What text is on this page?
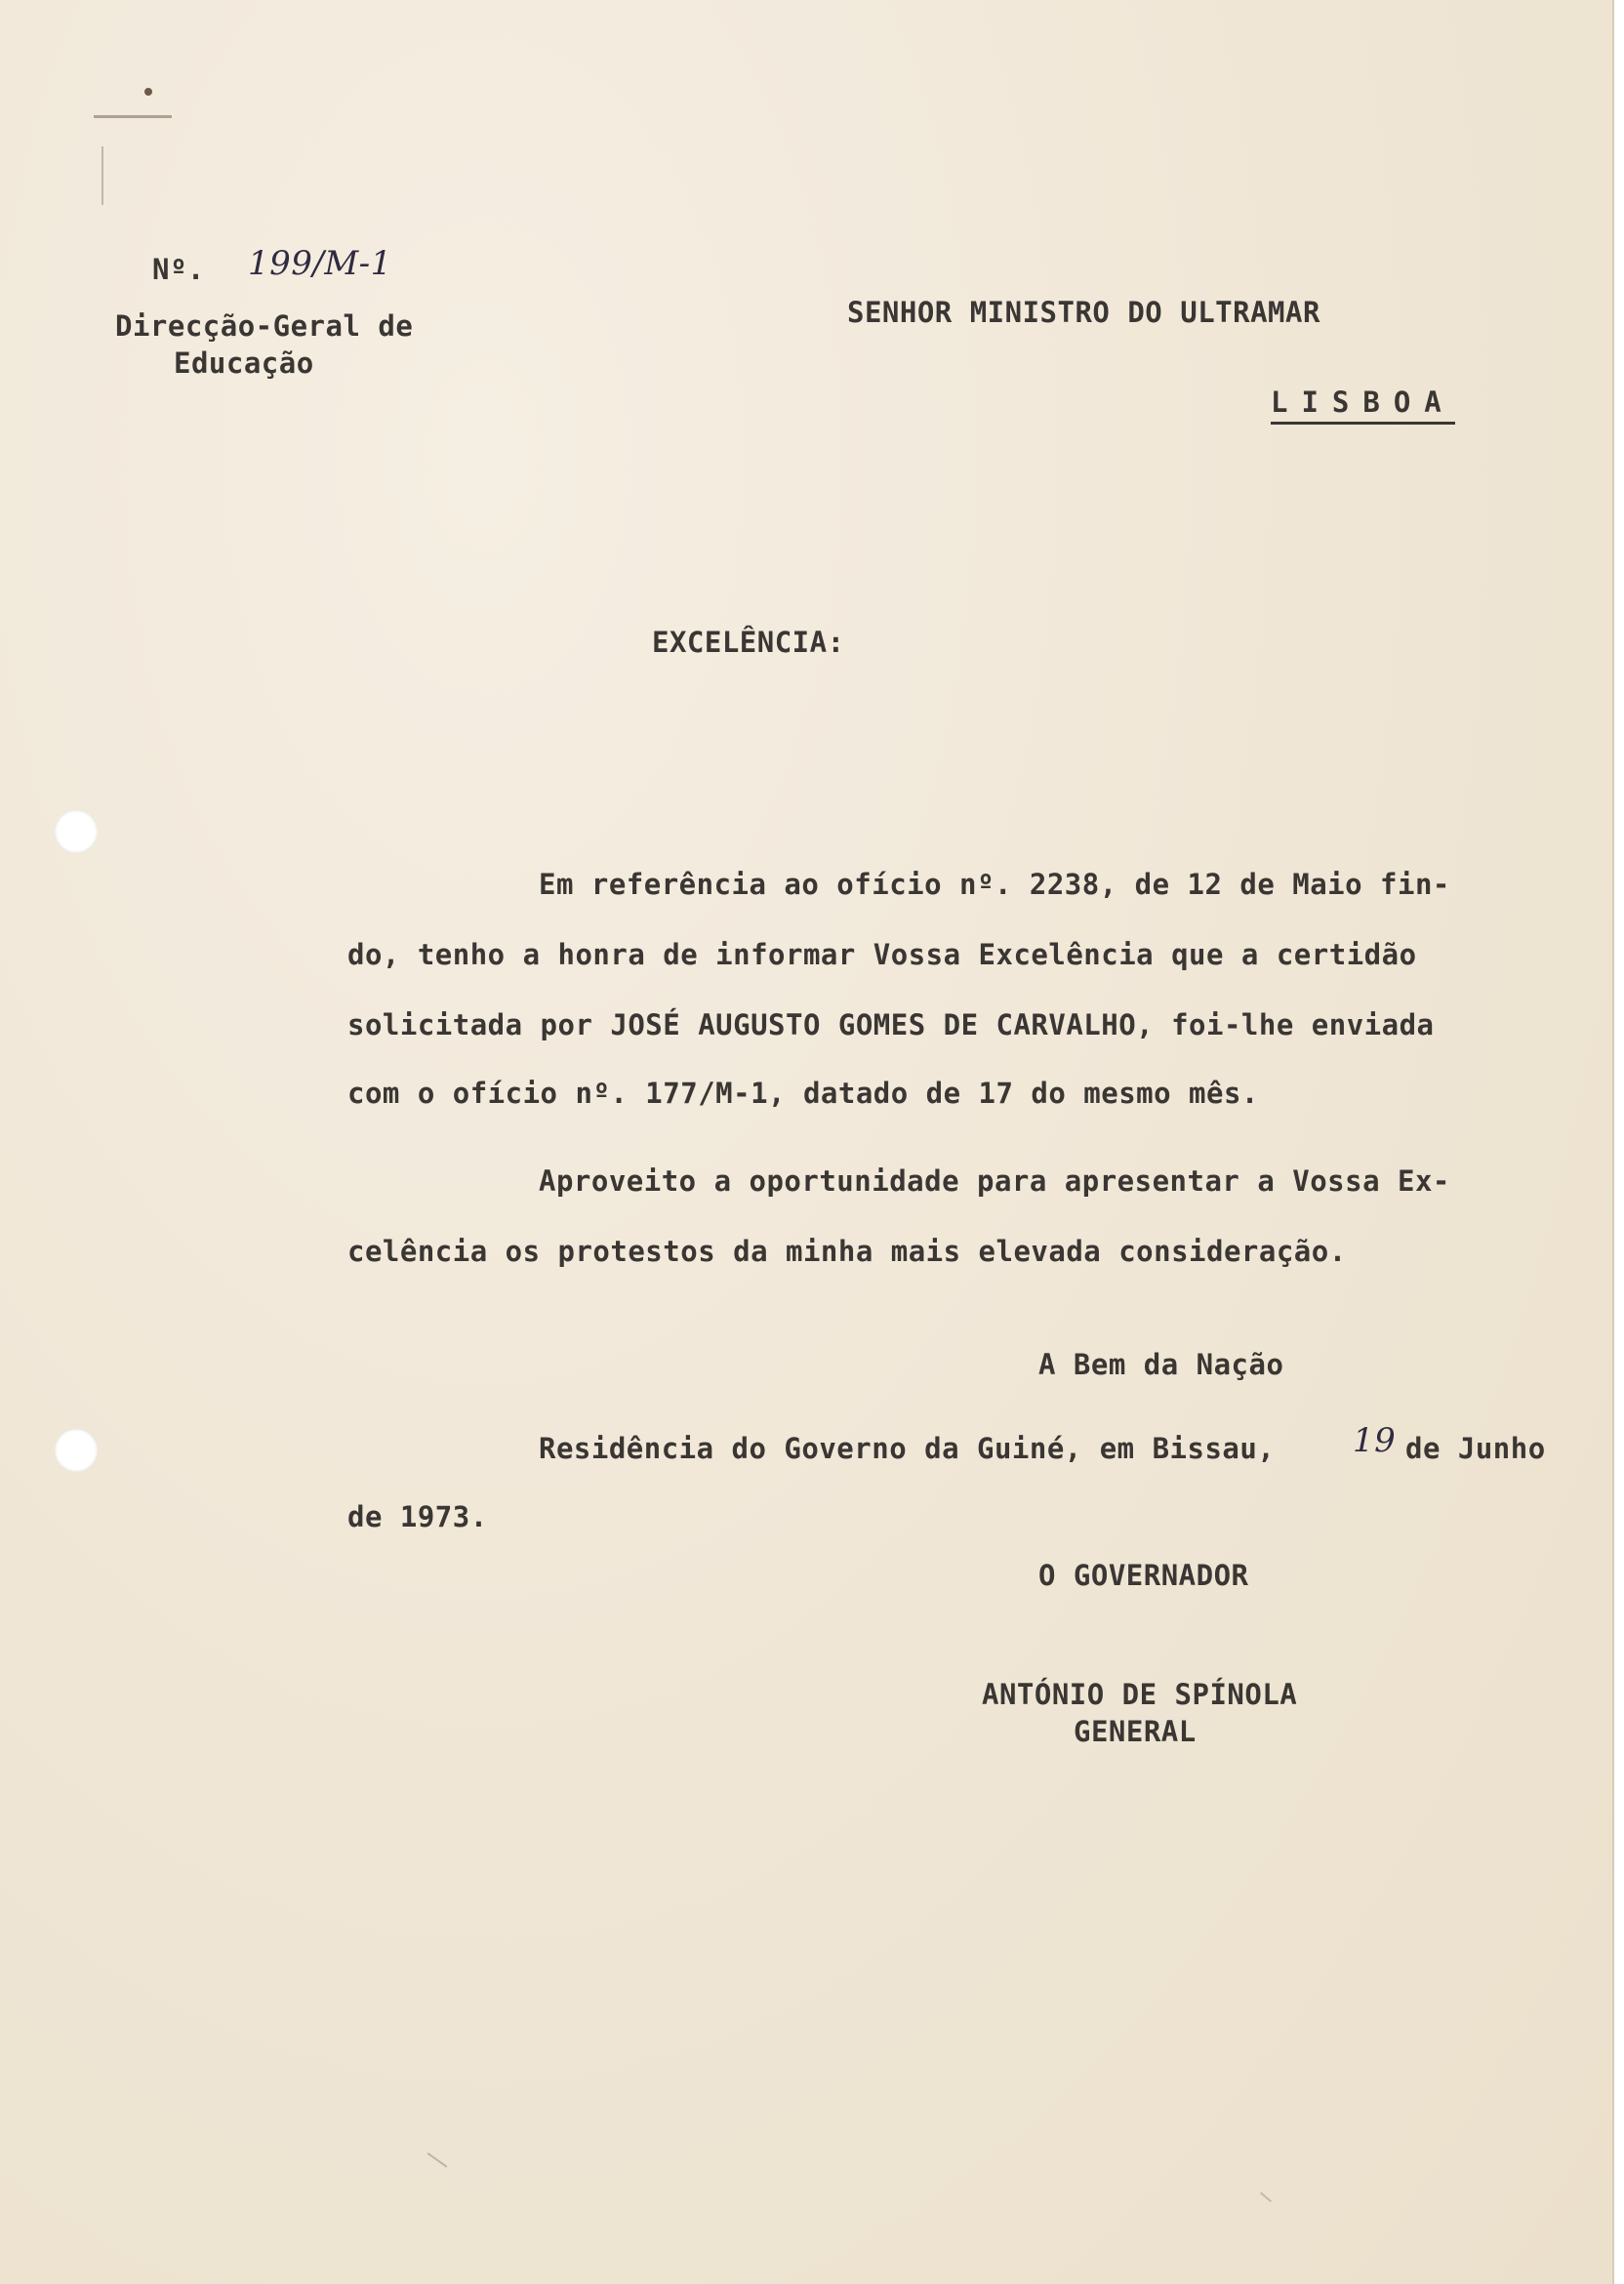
Nº. 199/M-1
Direcção-Geral de
Educação
SENHOR MINISTRO DO ULTRAMAR
LISBOA
EXCELÊNCIA:
Em referência ao ofício nº. 2238, de 12 de Maio fin-
do, tenho a honra de informar Vossa Excelência que a certidão
solicitada por JOSÉ AUGUSTO GOMES DE CARVALHO, foi-lhe enviada
com o ofício nº. 177/M-1, datado de 17 do mesmo mês.
Aproveito a oportunidade para apresentar a Vossa Ex-
celência os protestos da minha mais elevada consideração.
A Bem da Nação
Residência do Governo da Guiné, em Bissau, 19 de Junho
de 1973.
O GOVERNADOR
ANTÓNIO DE SPÍNOLA
GENERAL
